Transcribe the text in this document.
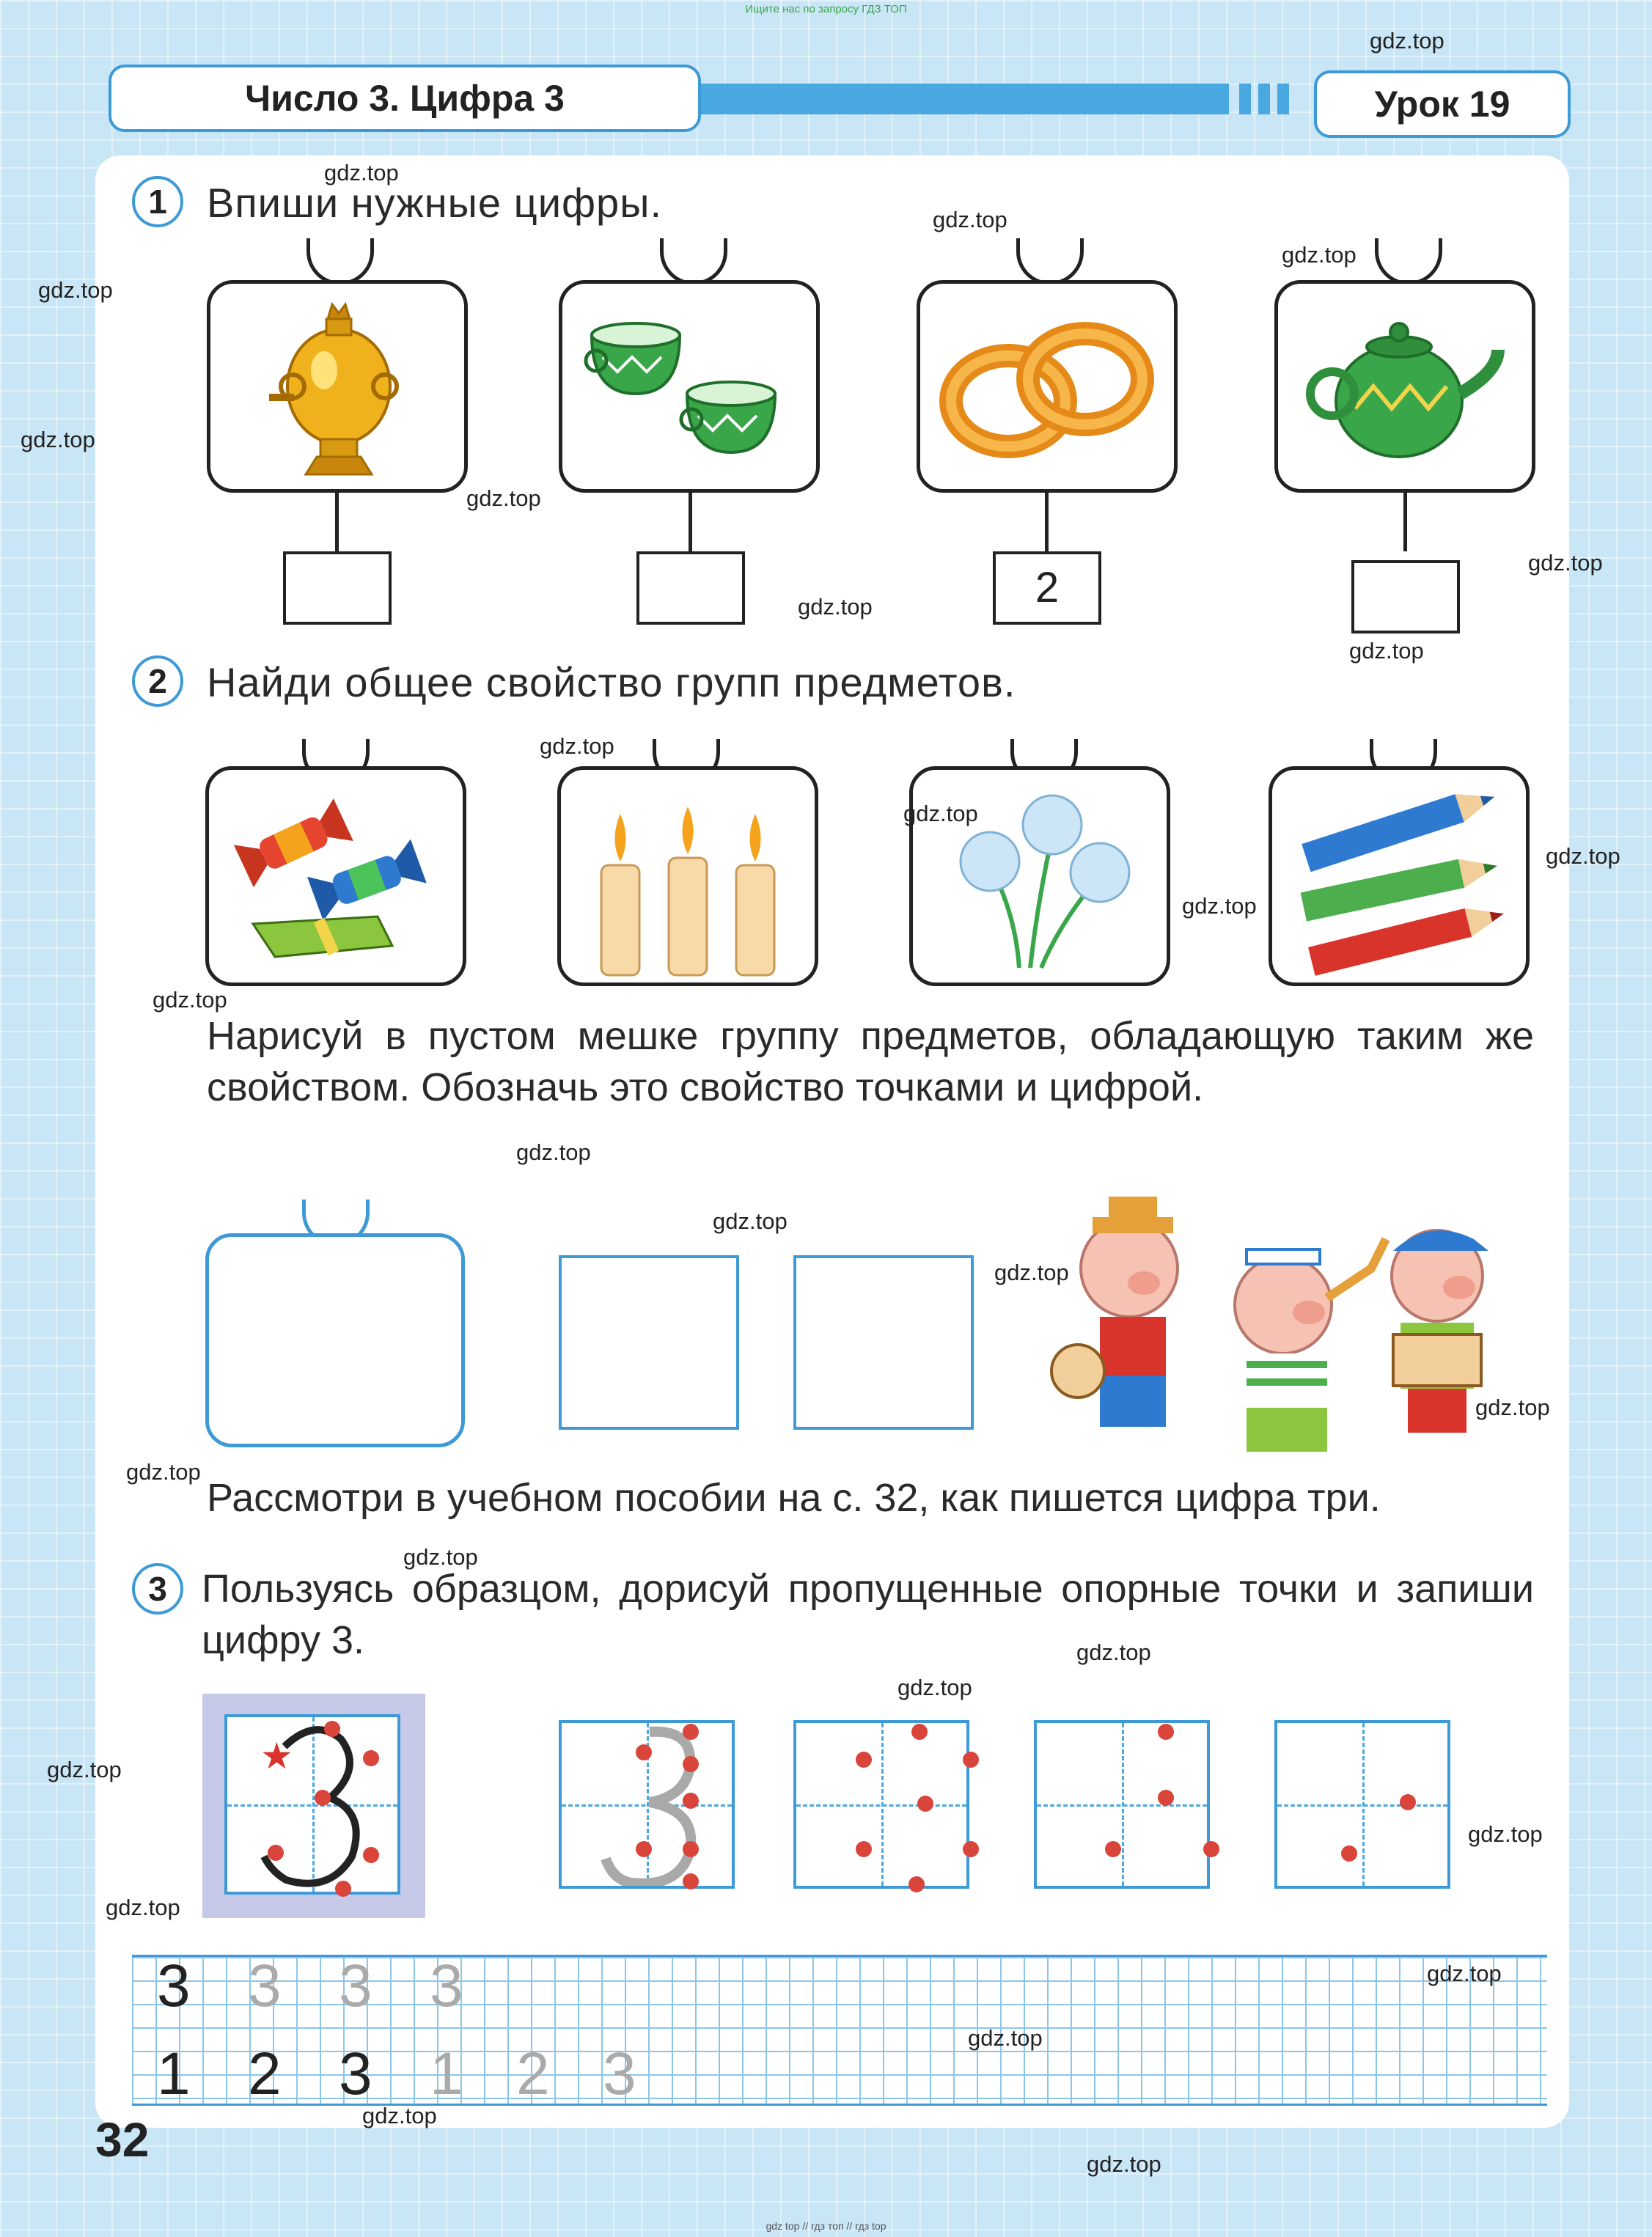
Ищите нас по запросу ГДЗ ТОП
Число 3. Цифра 3	Урок 19
1 Впиши нужные цифры.
2
2 Найди общее свойство групп предметов.
Нарисуй в пустом мешке группу предметов, обладающую таким же свойством. Обозначь это свойство точками и цифрой.
Рассмотри в учебном пособии на с. 32, как пишется цифра три.
3 Пользуясь образцом, дорисуй пропущенные опорные точки и запиши цифру 3.
★
3 3 3 3
1 2 3 1 2 3
32
gdz top // гдз топ // гдз top
gdz.top
gdz.top
gdz.top
gdz.top
gdz.top
gdz.top
gdz.top
gdz.top
gdz.top
gdz.top
gdz.top
gdz.top
gdz.top
gdz.top
gdz.top
gdz.top
gdz.top
gdz.top
gdz.top
gdz.top
gdz.top
gdz.top
gdz.top
gdz.top
gdz.top
gdz.top
gdz.top
gdz.top
gdz.top
gdz.top
